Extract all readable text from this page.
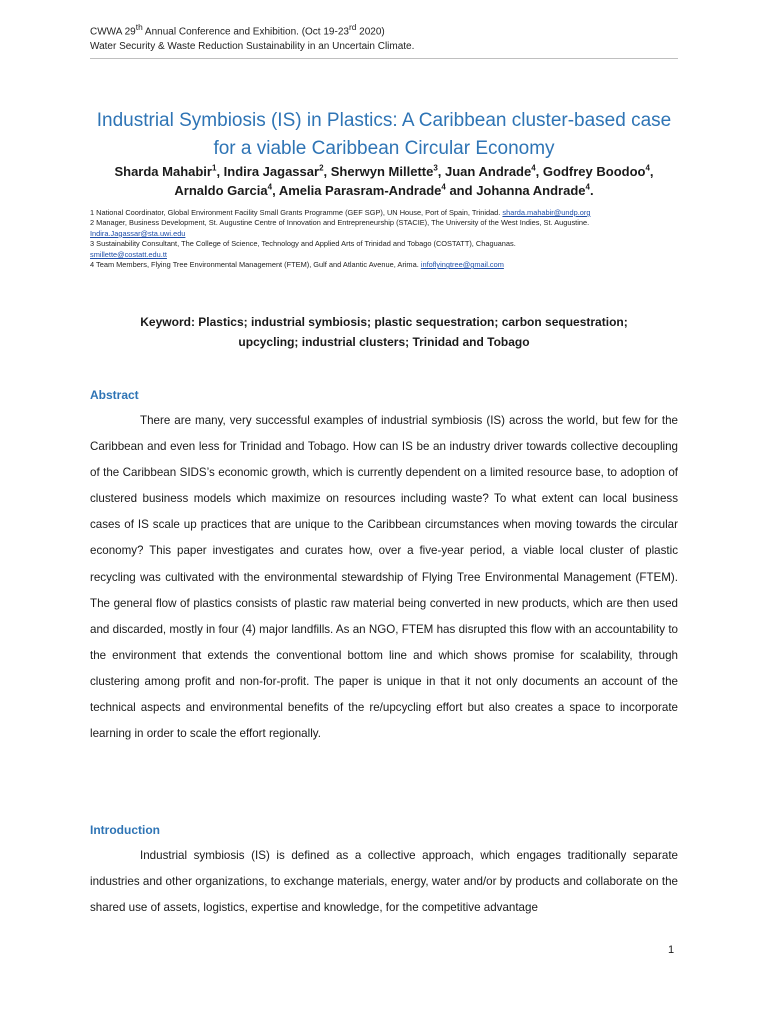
CWWA 29th Annual Conference and Exhibition. (Oct 19-23rd 2020)
Water Security & Waste Reduction Sustainability in an Uncertain Climate.
Industrial Symbiosis (IS) in Plastics: A Caribbean cluster-based case for a viable Caribbean Circular Economy
Sharda Mahabir$^1$, Indira Jagassar$^2$, Sherwyn Millette$^3$, Juan Andrade$^4$, Godfrey Boodoo$^4$, Arnaldo Garcia$^4$, Amelia Parasram-Andrade$^4$ and Johanna Andrade$^4$.
1 National Coordinator, Global Environment Facility Small Grants Programme (GEF SGP), UN House, Port of Spain, Trinidad. sharda.mahabir@undp.org
2 Manager, Business Development, St. Augustine Centre of Innovation and Entrepreneurship (STACIE), The University of the West Indies, St. Augustine.
Indira.Jagassar@sta.uwi.edu
3 Sustainability Consultant, The College of Science, Technology and Applied Arts of Trinidad and Tobago (COSTATT), Chaguanas.
smillette@costatt.edu.tt
4 Team Members, Flying Tree Environmental Management (FTEM), Gulf and Atlantic Avenue, Arima. infoflyingtree@gmail.com
Keyword: Plastics; industrial symbiosis; plastic sequestration; carbon sequestration; upcycling; industrial clusters; Trinidad and Tobago
Abstract
There are many, very successful examples of industrial symbiosis (IS) across the world, but few for the Caribbean and even less for Trinidad and Tobago. How can IS be an industry driver towards collective decoupling of the Caribbean SIDS’s economic growth, which is currently dependent on a limited resource base, to adoption of clustered business models which maximize on resources including waste? To what extent can local business cases of IS scale up practices that are unique to the Caribbean circumstances when moving towards the circular economy? This paper investigates and curates how, over a five-year period, a viable local cluster of plastic recycling was cultivated with the environmental stewardship of Flying Tree Environmental Management (FTEM). The general flow of plastics consists of plastic raw material being converted in new products, which are then used and discarded, mostly in four (4) major landfills. As an NGO, FTEM has disrupted this flow with an accountability to the environment that extends the conventional bottom line and which shows promise for scalability, through clustering among profit and non-for-profit. The paper is unique in that it not only documents an account of the technical aspects and environmental benefits of the re/upcycling effort but also creates a space to incorporate learning in order to scale the effort regionally.
Introduction
Industrial symbiosis (IS) is defined as a collective approach, which engages traditionally separate industries and other organizations, to exchange materials, energy, water and/or by products and collaborate on the shared use of assets, logistics, expertise and knowledge, for the competitive advantage
1
